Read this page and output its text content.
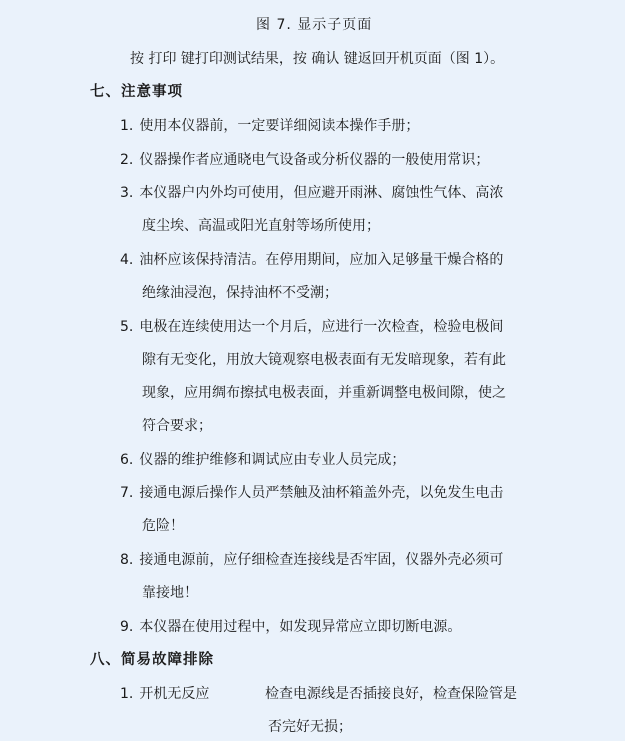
图 7. 显示子页面
按 打印 键打印测试结果，按 确认 键返回开机页面（图 1）。
七、注意事项
1. 使用本仪器前，一定要详细阅读本操作手册；
2. 仪器操作者应通晓电气设备或分析仪器的一般使用常识；
3. 本仪器户内外均可使用，但应避开雨淋、腐蚀性气体、高浓
度尘埃、高温或阳光直射等场所使用；
4. 油杯应该保持清洁。在停用期间，应加入足够量干燥合格的
绝缘油浸泡，保持油杯不受潮；
5. 电极在连续使用达一个月后，应进行一次检查，检验电极间
隙有无变化，用放大镜观察电极表面有无发暗现象，若有此
现象，应用绸布擦拭电极表面，并重新调整电极间隙，使之
符合要求；
6. 仪器的维护维修和调试应由专业人员完成；
7. 接通电源后操作人员严禁触及油杯箱盖外壳，以免发生电击
危险！
8. 接通电源前，应仔细检查连接线是否牢固，仪器外壳必须可
靠接地！
9. 本仪器在使用过程中，如发现异常应立即切断电源。
八、简易故障排除
1. 开机无反应	检查电源线是否插接良好，检查保险管是
否完好无损；
